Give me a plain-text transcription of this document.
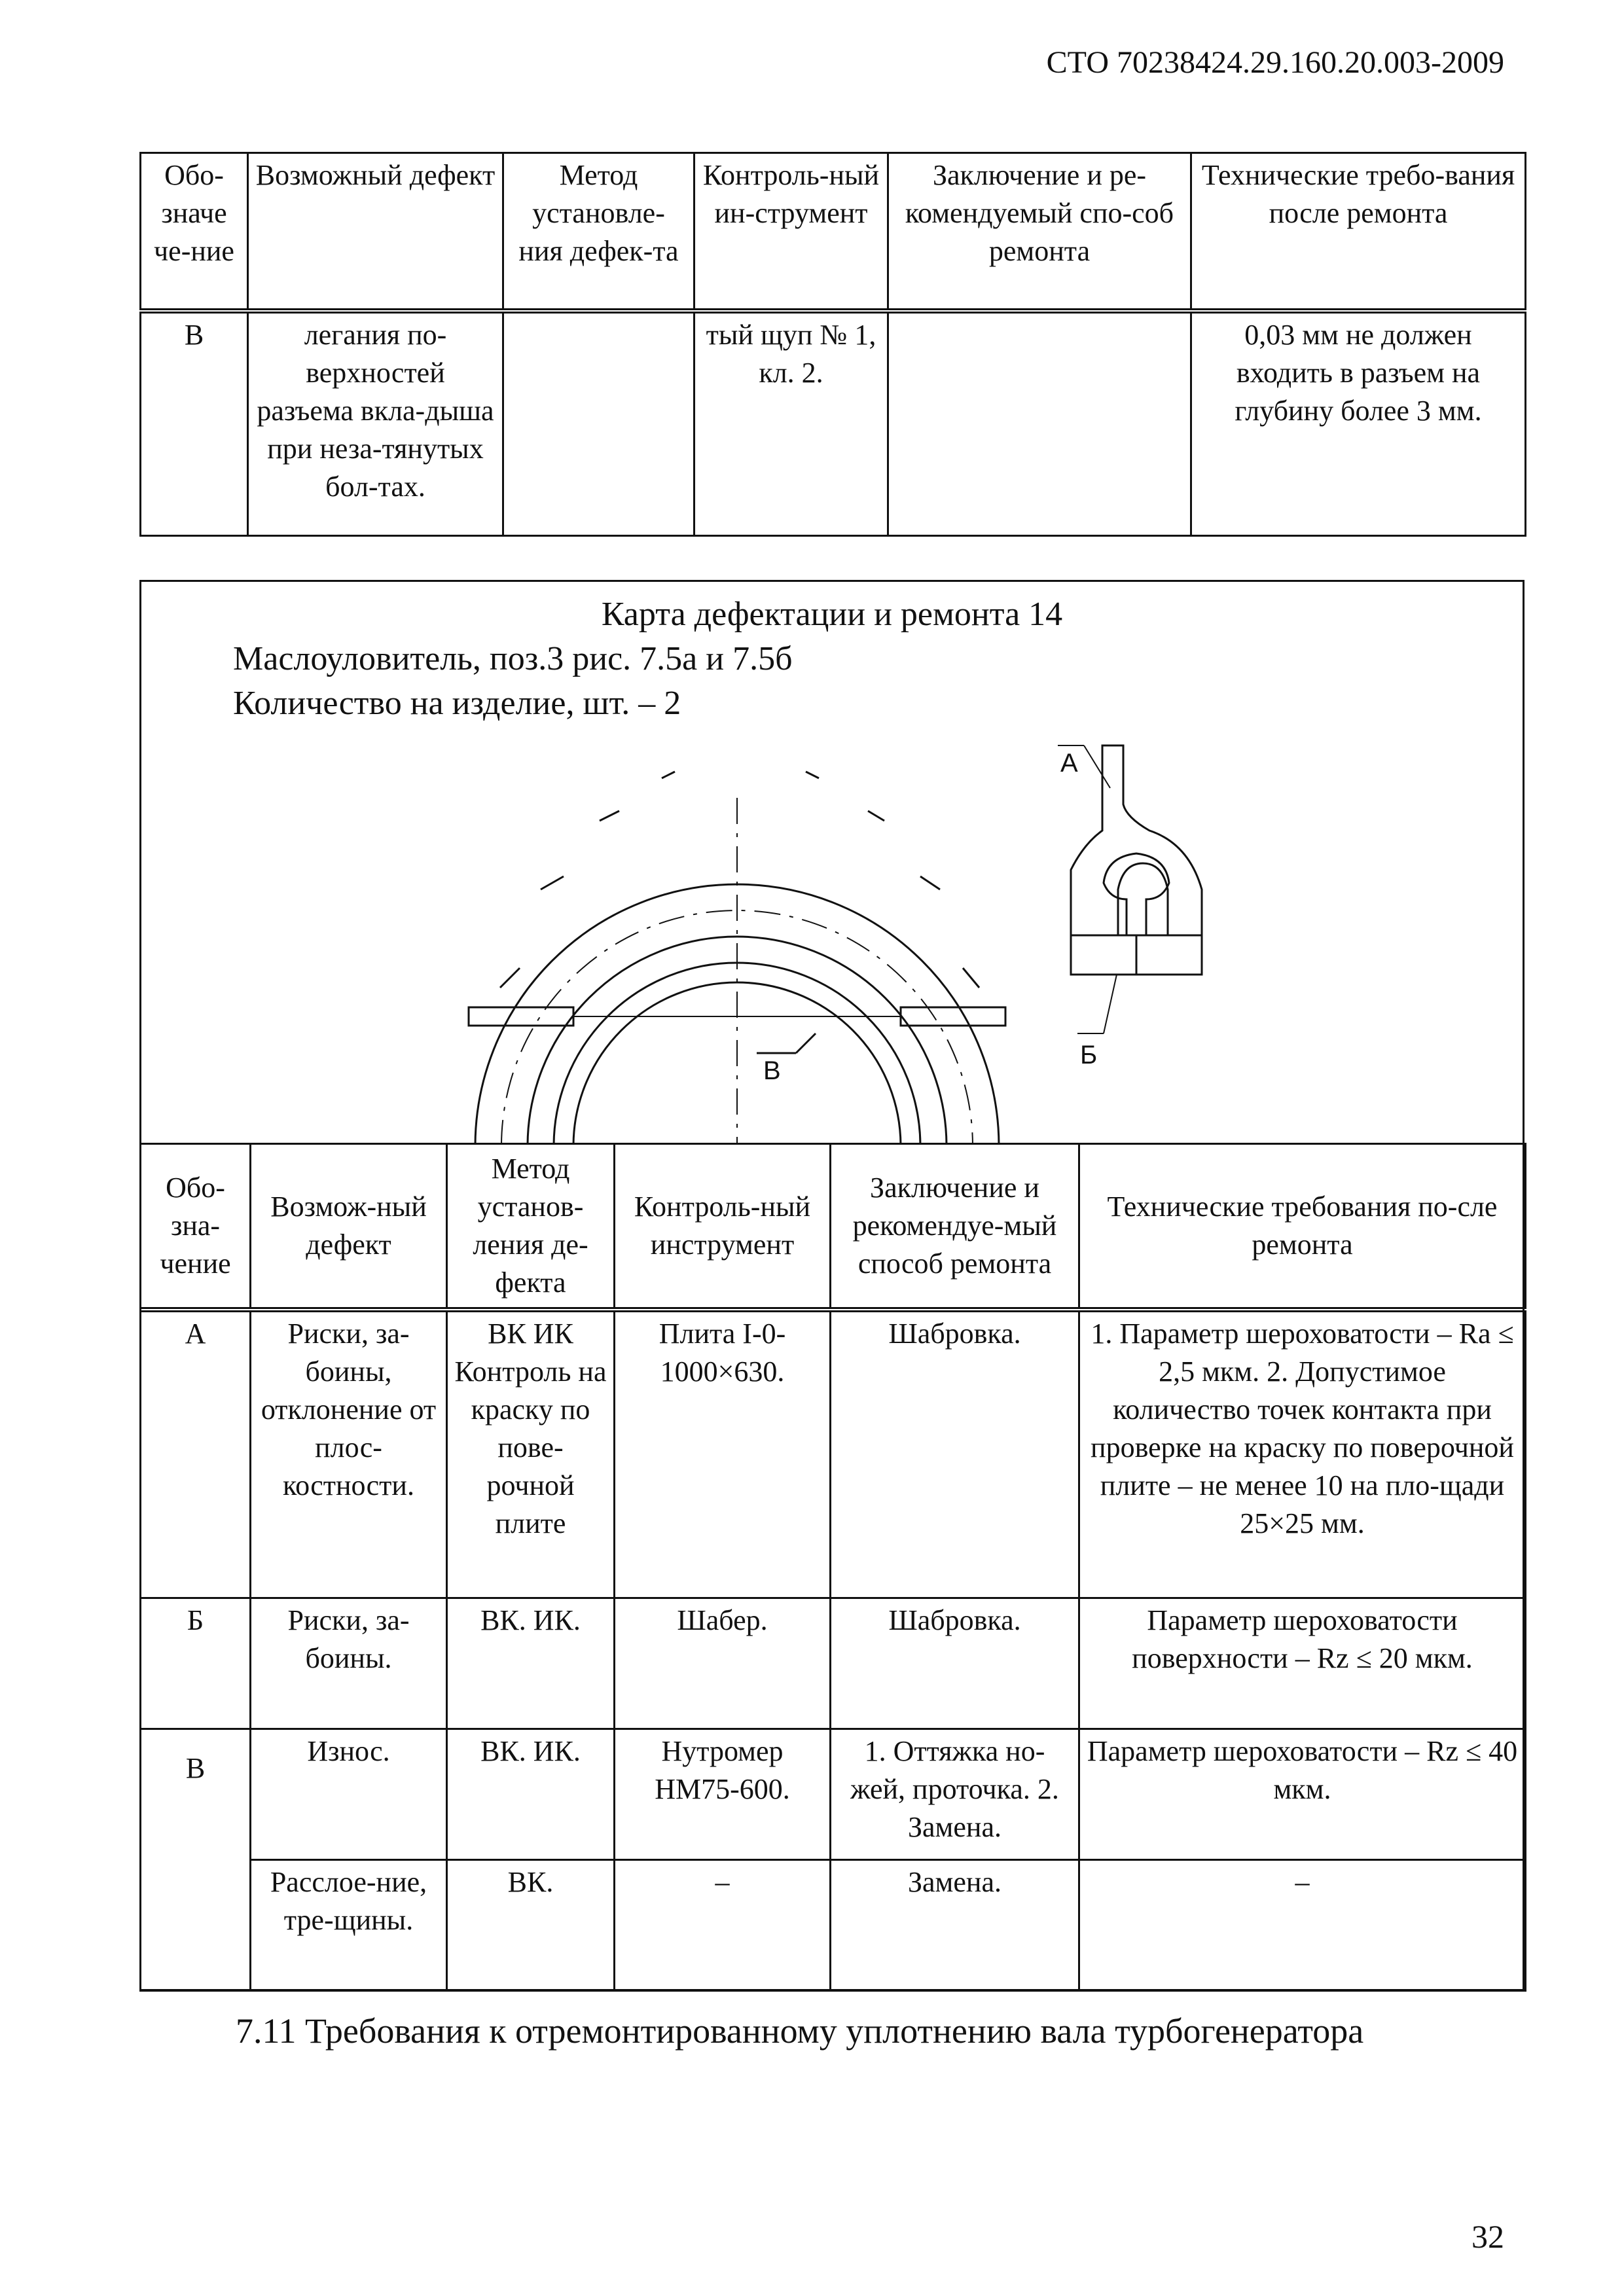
СТО 70238424.29.160.20.003-2009
Обо-значе че-ние	Возможный дефект	Метод установле-ния дефек-та	Контроль-ный ин-струмент	Заключение и ре-комендуемый спо-соб ремонта	Технические требо-вания после ремонта
В	легания по-верхностей разъема вкла-дыша при неза-тянутых бол-тах.		тый щуп № 1, кл. 2.		0,03 мм не должен входить в разъем на глубину более 3 мм.
А
Б
В
Карта дефектации и ремонта 14
Маслоуловитель, поз.3 рис. 7.5а и 7.5б
Количество на изделие, шт. – 2
Обо-зна-чение	Возмож-ный дефект	Метод установ-ления де-фекта	Контроль-ный инструмент	Заключение и рекомендуе-мый способ ремонта	Технические требования по-сле ремонта
А	Риски, за-боины, отклонение от плос-костности.	ВК ИК Контроль на краску по пове-рочной плите	Плита I-0-1000×630.	Шабровка.	1. Параметр шероховатости – Ra ≤ 2,5 мкм. 2. Допустимое количество точек контакта при проверке на краску по поверочной плите – не менее 10 на пло-щади 25×25 мм.
Б	Риски, за-боины.	ВК. ИК.	Шабер.	Шабровка.	Параметр шероховатости поверхности – Rz ≤ 20 мкм.
В	Износ.	ВК. ИК.	Нутромер НМ75-600.	1. Оттяжка но-жей, проточка. 2. Замена.	Параметр шероховатости – Rz ≤ 40 мкм.
	Расслое-ние, тре-щины.	ВК.	–	Замена.	–
7.11 Требования к отремонтированному уплотнению вала турбогенератора
32
